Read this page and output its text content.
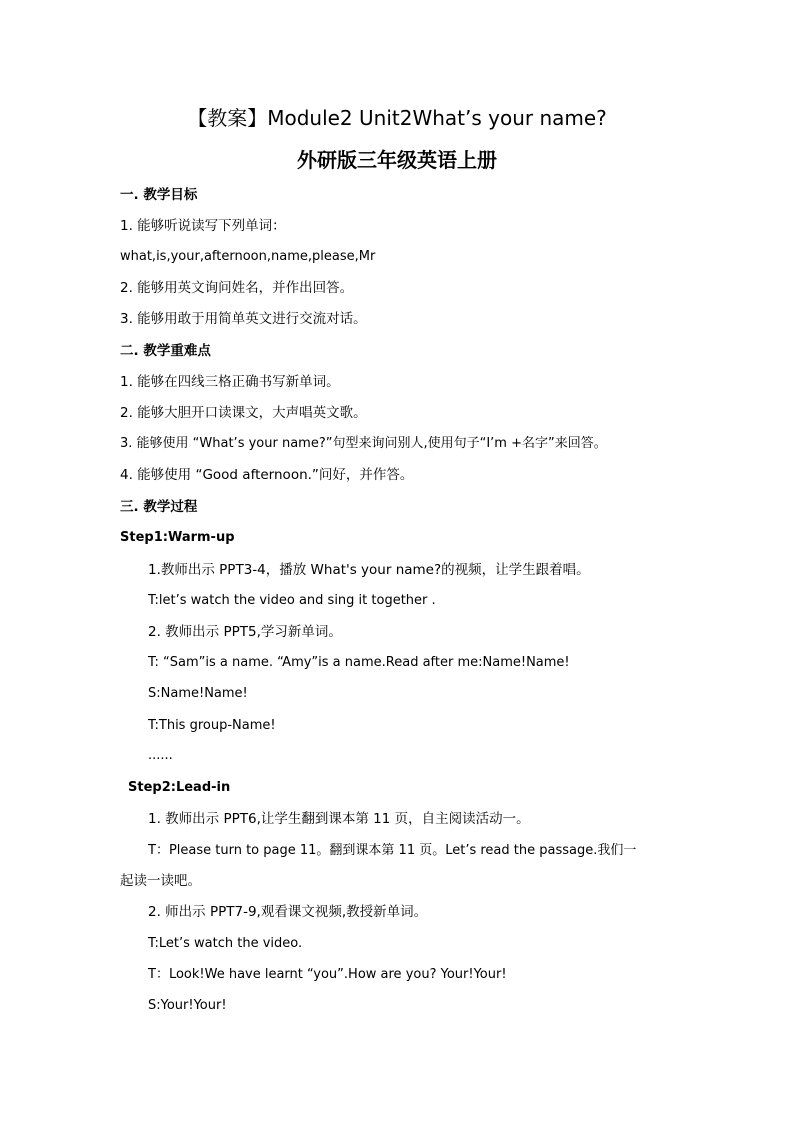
【教案】Module2 Unit2What’s your name?
外研版三年级英语上册
一. 教学目标
1. 能够听说读写下列单词：
what,is,your,afternoon,name,please,Mr
2. 能够用英文询问姓名，并作出回答。
3. 能够用敢于用简单英文进行交流对话。
二. 教学重难点
1. 能够在四线三格正确书写新单词。
2. 能够大胆开口读课文，大声唱英文歌。
3. 能够使用 “What’s your name?”句型来询问别人,使用句子“I’m +名字”来回答。
4. 能够使用 “Good afternoon.”问好，并作答。
三. 教学过程
Step1:Warm-up
1.教师出示 PPT3-4，播放 What's your name?的视频，让学生跟着唱。
T:let’s watch the video and sing it together .
2. 教师出示 PPT5,学习新单词。
T: “Sam”is a name. “Amy”is a name.Read after me:Name!Name!
S:Name!Name!
T:This group-Name!
......
Step2:Lead-in
1. 教师出示 PPT6,让学生翻到课本第 11 页，自主阅读活动一。
T：Please turn to page 11。翻到课本第 11 页。Let’s read the passage.我们一
起读一读吧。
2. 师出示 PPT7-9,观看课文视频,教授新单词。
T:Let’s watch the video.
T：Look!We have learnt “you”.How are you? Your!Your!
S:Your!Your!
